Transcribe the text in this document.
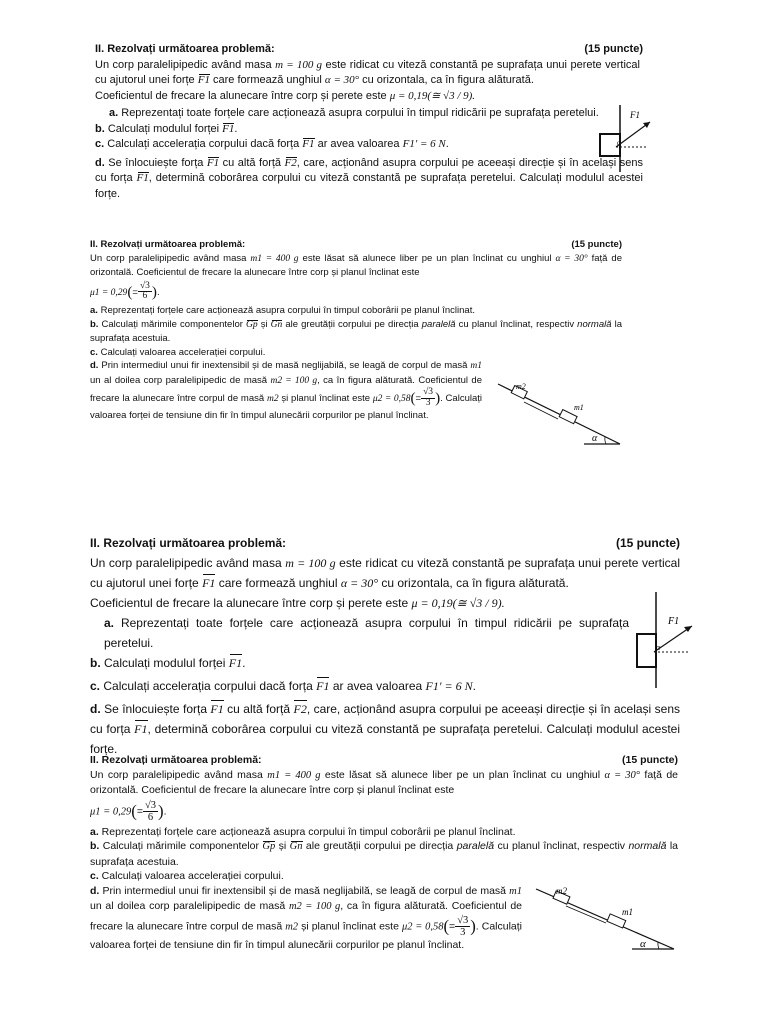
II. Rezolvați următoarea problemă:	(15 puncte)

Un corp paralelipipedic având masa m = 100 g este ridicat cu viteză constantă pe suprafața unui perete vertical cu ajutorul unei forțe F1 care formează unghiul α = 30° cu orizontala, ca în figura alăturată.

Coeficientul de frecare la alunecare între corp și perete este μ = 0,19(≅ √3 / 9).

a. Reprezentați toate forțele care acționează asupra corpului în timpul ridicării pe suprafața peretelui.

b. Calculați modulul forței F1.

c. Calculați accelerația corpului dacă forța F1 ar avea valoarea F1′ = 6 N.

d. Se înlocuiește forța F1 cu altă forță F2, care, acționând asupra corpului pe aceeași direcție și în același sens cu forța F1, determină coborârea corpului cu viteză constantă pe suprafața peretelui. Calculați modulul acestei forțe.

F1
α
II. Rezolvați următoarea problemă:	(15 puncte)

Un corp paralelipipedic având masa m1 = 400 g este lăsat să alunece liber pe un plan înclinat cu unghiul α = 30° față de orizontală. Coeficientul de frecare la alunecare între corp și planul înclinat este

$\mu 1 = 0,29(= \frac{√3}{6}$ ).

a. Reprezentați forțele care acționează asupra corpului în timpul coborârii pe planul înclinat.

b. Calculați mărimile componentelor Gp și Gn ale greutății corpului pe direcția paralelă cu planul înclinat, respectiv normală la suprafața acestuia.

c. Calculați valoarea accelerației corpului.

d. Prin intermediul unui fir inextensibil și de masă neglijabilă, se leagă de corpul de masă m1 un al doilea corp paralelipipedic de masă m2 = 100 g, ca în figura alăturată. Coeficientul de frecare la alunecare între corpul de masă m2 și planul înclinat este $\mu 2 = 0,58(= \frac{√3}{3}$ ). Calculați valoarea forței de tensiune din fir în timpul alunecării corpurilor pe planul înclinat.

m2
m1
α
II. Rezolvați următoarea problemă:	(15 puncte)

Un corp paralelipipedic având masa m = 100 g este ridicat cu viteză constantă pe suprafața unui perete vertical cu ajutorul unei forțe F1 care formează unghiul α = 30° cu orizontala, ca în figura alăturată.

Coeficientul de frecare la alunecare între corp și perete este μ = 0,19(≅ √3 / 9).

a. Reprezentați toate forțele care acționează asupra corpului în timpul ridicării pe suprafața peretelui.

b. Calculați modulul forței F1.

c. Calculați accelerația corpului dacă forța F1 ar avea valoarea F1′ = 6 N.

d. Se înlocuiește forța F1 cu altă forță F2, care, acționând asupra corpului pe aceeași direcție și în același sens cu forța F1, determină coborârea corpului cu viteză constantă pe suprafața peretelui. Calculați modulul acestei forțe.

F1
α
II. Rezolvați următoarea problemă:	(15 puncte)

Un corp paralelipipedic având masa m1 = 400 g este lăsat să alunece liber pe un plan înclinat cu unghiul α = 30° față de orizontală. Coeficientul de frecare la alunecare între corp și planul înclinat este

$\mu 1 = 0,29(= \frac{√3}{6}$ ).

a. Reprezentați forțele care acționează asupra corpului în timpul coborârii pe planul înclinat.

b. Calculați mărimile componentelor Gp și Gn ale greutății corpului pe direcția paralelă cu planul înclinat, respectiv normală la suprafața acestuia.

c. Calculați valoarea accelerației corpului.

d. Prin intermediul unui fir inextensibil și de masă neglijabilă, se leagă de corpul de masă m1 un al doilea corp paralelipipedic de masă m2 = 100 g, ca în figura alăturată. Coeficientul de frecare la alunecare între corpul de masă m2 și planul înclinat este $\mu 2 = 0,58(= \frac{√3}{3}$ ). Calculați valoarea forței de tensiune din fir în timpul alunecării corpurilor pe planul înclinat.

m2
m1
α
